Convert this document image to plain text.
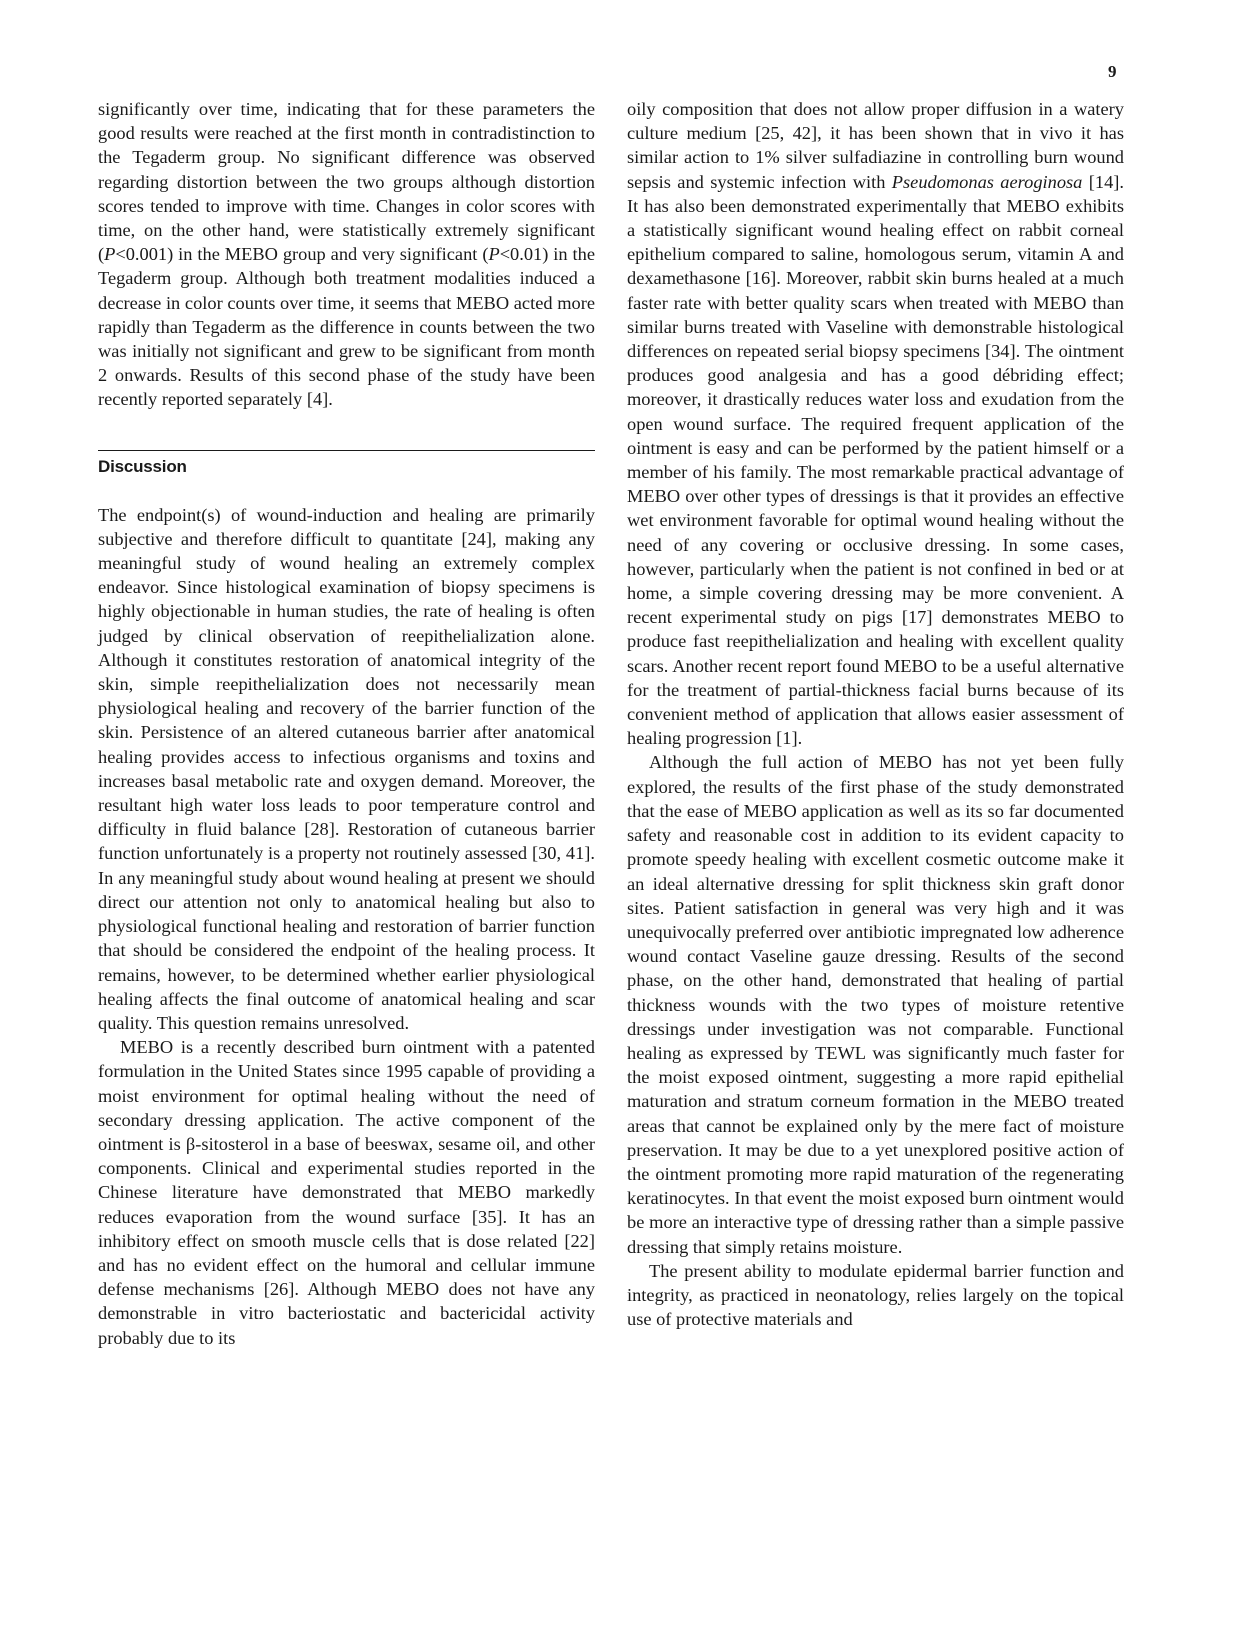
9

significantly over time, indicating that for these parameters the good results were reached at the first month in contradistinction to the Tegaderm group. No significant difference was observed regarding distortion between the two groups although distortion scores tended to improve with time. Changes in color scores with time, on the other hand, were statistically extremely significant (P<0.001) in the MEBO group and very significant (P<0.01) in the Tegaderm group. Although both treatment modalities induced a decrease in color counts over time, it seems that MEBO acted more rapidly than Tegaderm as the difference in counts between the two was initially not significant and grew to be significant from month 2 onwards. Results of this second phase of the study have been recently reported separately [4].

Discussion

The endpoint(s) of wound-induction and healing are primarily subjective and therefore difficult to quantitate [24], making any meaningful study of wound healing an extremely complex endeavor. Since histological examination of biopsy specimens is highly objectionable in human studies, the rate of healing is often judged by clinical observation of reepithelialization alone. Although it constitutes restoration of anatomical integrity of the skin, simple reepithelialization does not necessarily mean physiological healing and recovery of the barrier function of the skin. Persistence of an altered cutaneous barrier after anatomical healing provides access to infectious organisms and toxins and increases basal metabolic rate and oxygen demand. Moreover, the resultant high water loss leads to poor temperature control and difficulty in fluid balance [28]. Restoration of cutaneous barrier function unfortunately is a property not routinely assessed [30, 41]. In any meaningful study about wound healing at present we should direct our attention not only to anatomical healing but also to physiological functional healing and restoration of barrier function that should be considered the endpoint of the healing process. It remains, however, to be determined whether earlier physiological healing affects the final outcome of anatomical healing and scar quality. This question remains unresolved.

MEBO is a recently described burn ointment with a patented formulation in the United States since 1995 capable of providing a moist environment for optimal healing without the need of secondary dressing application. The active component of the ointment is β-sitosterol in a base of beeswax, sesame oil, and other components. Clinical and experimental studies reported in the Chinese literature have demonstrated that MEBO markedly reduces evaporation from the wound surface [35]. It has an inhibitory effect on smooth muscle cells that is dose related [22] and has no evident effect on the humoral and cellular immune defense mechanisms [26]. Although MEBO does not have any demonstrable in vitro bacteriostatic and bactericidal activity probably due to its

oily composition that does not allow proper diffusion in a watery culture medium [25, 42], it has been shown that in vivo it has similar action to 1% silver sulfadiazine in controlling burn wound sepsis and systemic infection with Pseudomonas aeroginosa [14]. It has also been demonstrated experimentally that MEBO exhibits a statistically significant wound healing effect on rabbit corneal epithelium compared to saline, homologous serum, vitamin A and dexamethasone [16]. Moreover, rabbit skin burns healed at a much faster rate with better quality scars when treated with MEBO than similar burns treated with Vaseline with demonstrable histological differences on repeated serial biopsy specimens [34]. The ointment produces good analgesia and has a good débriding effect; moreover, it drastically reduces water loss and exudation from the open wound surface. The required frequent application of the ointment is easy and can be performed by the patient himself or a member of his family. The most remarkable practical advantage of MEBO over other types of dressings is that it provides an effective wet environment favorable for optimal wound healing without the need of any covering or occlusive dressing. In some cases, however, particularly when the patient is not confined in bed or at home, a simple covering dressing may be more convenient. A recent experimental study on pigs [17] demonstrates MEBO to produce fast reepithelialization and healing with excellent quality scars. Another recent report found MEBO to be a useful alternative for the treatment of partial-thickness facial burns because of its convenient method of application that allows easier assessment of healing progression [1].

Although the full action of MEBO has not yet been fully explored, the results of the first phase of the study demonstrated that the ease of MEBO application as well as its so far documented safety and reasonable cost in addition to its evident capacity to promote speedy healing with excellent cosmetic outcome make it an ideal alternative dressing for split thickness skin graft donor sites. Patient satisfaction in general was very high and it was unequivocally preferred over antibiotic impregnated low adherence wound contact Vaseline gauze dressing. Results of the second phase, on the other hand, demonstrated that healing of partial thickness wounds with the two types of moisture retentive dressings under investigation was not comparable. Functional healing as expressed by TEWL was significantly much faster for the moist exposed ointment, suggesting a more rapid epithelial maturation and stratum corneum formation in the MEBO treated areas that cannot be explained only by the mere fact of moisture preservation. It may be due to a yet unexplored positive action of the ointment promoting more rapid maturation of the regenerating keratinocytes. In that event the moist exposed burn ointment would be more an interactive type of dressing rather than a simple passive dressing that simply retains moisture.

The present ability to modulate epidermal barrier function and integrity, as practiced in neonatology, relies largely on the topical use of protective materials and
